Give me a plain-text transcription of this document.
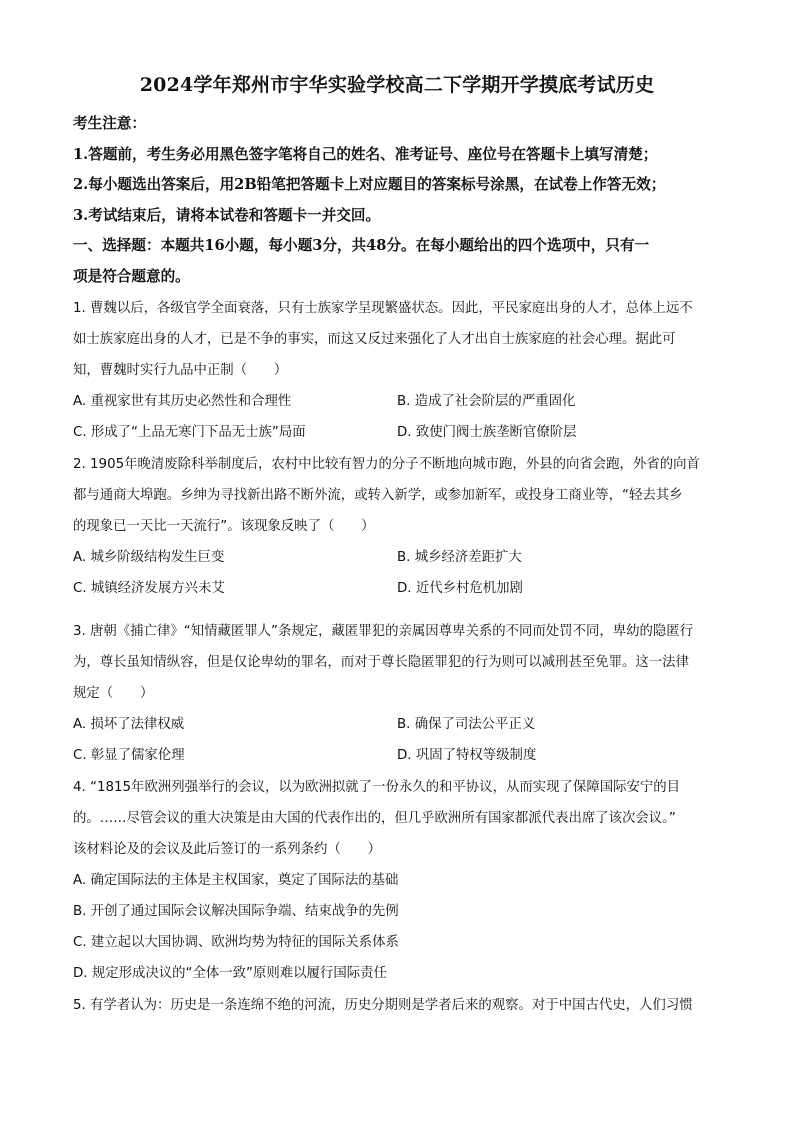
2024学年郑州市宇华实验学校高二下学期开学摸底考试历史
考生注意：
1.答题前，考生务必用黑色签字笔将自己的姓名、准考证号、座位号在答题卡上填写清楚；
2.每小题选出答案后，用2B铅笔把答题卡上对应题目的答案标号涂黑，在试卷上作答无效；
3.考试结束后，请将本试卷和答题卡一并交回。
一、选择题：本题共16小题，每小题3分，共48分。在每小题给出的四个选项中，只有一
项是符合题意的。
1. 曹魏以后，各级官学全面衰落，只有士族家学呈现繁盛状态。因此，平民家庭出身的人才，总体上远不
如士族家庭出身的人才，已是不争的事实，而这又反过来强化了人才出自士族家庭的社会心理。据此可
知，曹魏时实行九品中正制（　　）
A. 重视家世有其历史必然性和合理性	B. 造成了社会阶层的严重固化
C. 形成了“上品无寒门下品无士族”局面	D. 致使门阀士族垄断官僚阶层
2. 1905年晚清废除科举制度后，农村中比较有智力的分子不断地向城市跑，外县的向省会跑，外省的向首
都与通商大埠跑。乡绅为寻找新出路不断外流，或转入新学，或参加新军，或投身工商业等，“轻去其乡
的现象已一天比一天流行”。该现象反映了（　　）
A. 城乡阶级结构发生巨变	B. 城乡经济差距扩大
C. 城镇经济发展方兴未艾	D. 近代乡村危机加剧
3. 唐朝《捕亡律》“知情藏匿罪人”条规定，藏匿罪犯的亲属因尊卑关系的不同而处罚不同，卑幼的隐匿行
为，尊长虽知情纵容，但是仅论卑幼的罪名，而对于尊长隐匿罪犯的行为则可以减刑甚至免罪。这一法律
规定（　　）
A. 损坏了法律权威	B. 确保了司法公平正义
C. 彰显了儒家伦理	D. 巩固了特权等级制度
4. “1815年欧洲列强举行的会议，以为欧洲拟就了一份永久的和平协议，从而实现了保障国际安宁的目
的。……尽管会议的重大决策是由大国的代表作出的，但几乎欧洲所有国家都派代表出席了该次会议。”
该材料论及的会议及此后签订的一系列条约（　　）
A. 确定国际法的主体是主权国家，奠定了国际法的基础
B. 开创了通过国际会议解决国际争端、结束战争的先例
C. 建立起以大国协调、欧洲均势为特征的国际关系体系
D. 规定形成决议的“全体一致”原则难以履行国际责任
5. 有学者认为：历史是一条连绵不绝的河流，历史分期则是学者后来的观察。对于中国古代史，人们习惯
